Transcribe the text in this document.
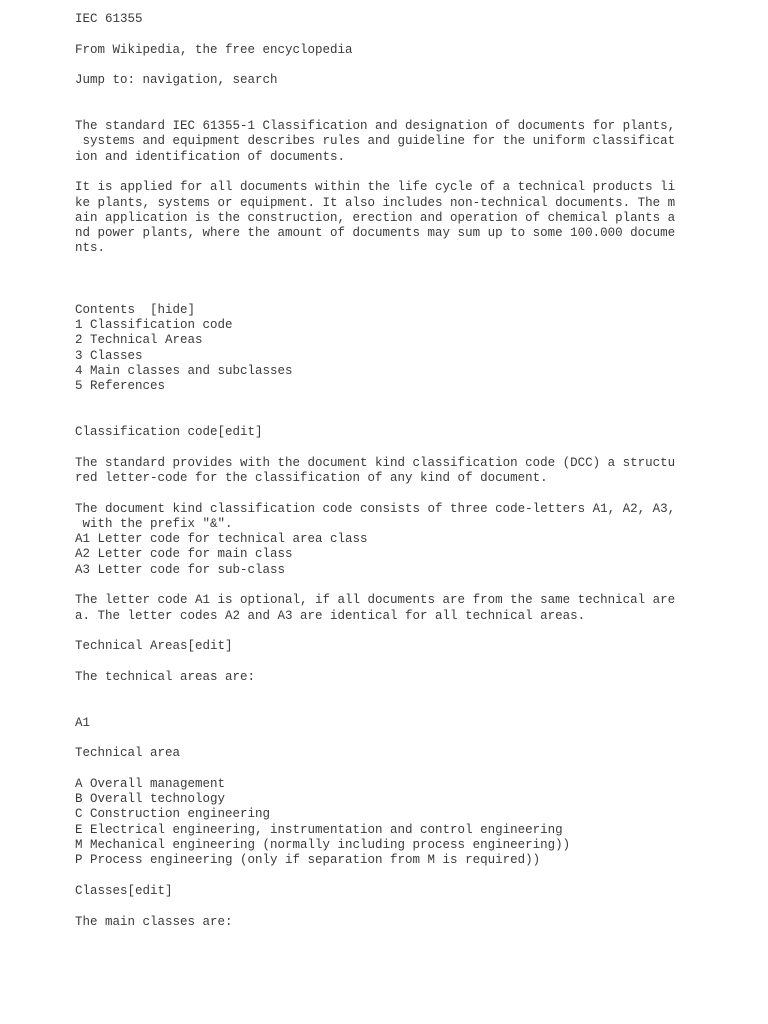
IEC 61355
From Wikipedia, the free encyclopedia
Jump to: navigation, search
The standard IEC 61355-1 Classification and designation of documents for plants,
systems and equipment describes rules and guideline for the uniform classificat
ion and identification of documents.
It is applied for all documents within the life cycle of a technical products li
ke plants, systems or equipment. It also includes non-technical documents. The m
ain application is the construction, erection and operation of chemical plants a
nd power plants, where the amount of documents may sum up to some 100.000 docume
nts.
Contents [hide]
1 Classification code
2 Technical Areas
3 Classes
4 Main classes and subclasses
5 References
Classification code[edit]
The standard provides with the document kind classification code (DCC) a structu
red letter-code for the classification of any kind of document.
The document kind classification code consists of three code-letters A1, A2, A3,
with the prefix "&".
A1 Letter code for technical area class
A2 Letter code for main class
A3 Letter code for sub-class
The letter code A1 is optional, if all documents are from the same technical are
a. The letter codes A2 and A3 are identical for all technical areas.
Technical Areas[edit]
The technical areas are:
A1
Technical area
A Overall management
B Overall technology
C Construction engineering
E Electrical engineering, instrumentation and control engineering
M Mechanical engineering (normally including process engineering))
P Process engineering (only if separation from M is required))
Classes[edit]
The main classes are:
